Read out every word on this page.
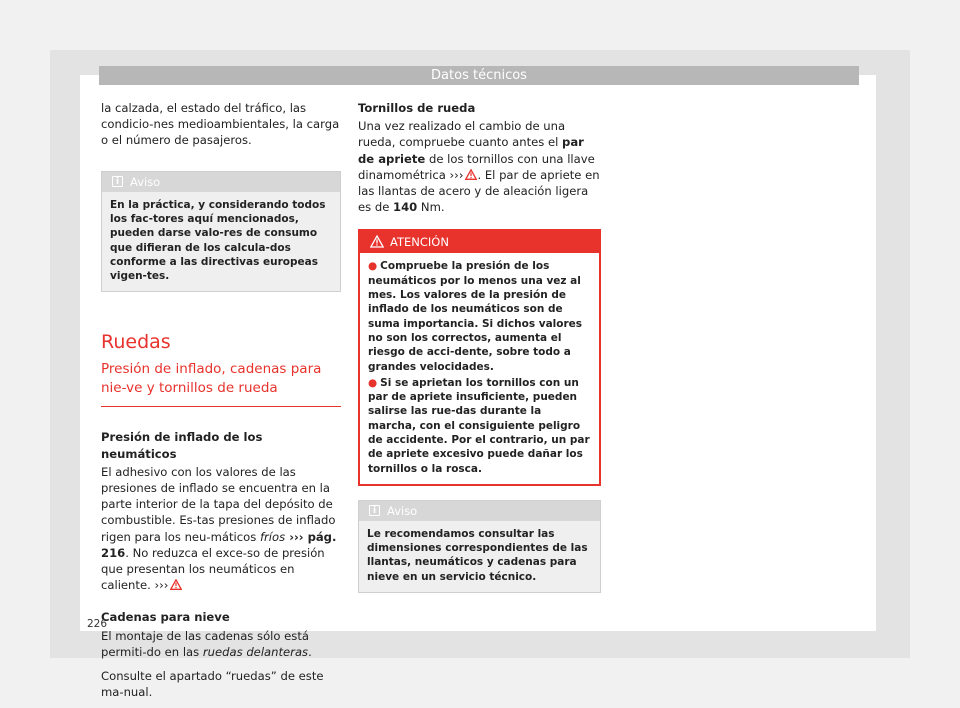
Datos técnicos

la calzada, el estado del tráfico, las condicio-nes medioambientales, la carga o el número de pasajeros.

i Aviso
En la práctica, y considerando todos los fac-tores aquí mencionados, pueden darse valo-res de consumo que difieran de los calcula-dos conforme a las directivas europeas vigen-tes.
Ruedas
Presión de inflado, cadenas para nie-ve y tornillos de rueda

Presión de inflado de los neumáticos

El adhesivo con los valores de las presiones de inflado se encuentra en la parte interior de la tapa del depósito de combustible. Es-tas presiones de inflado rigen para los neu-máticos fríos ››› pág. 216. No reduzca el exce-so de presión que presentan los neumáticos en caliente. ›››

Cadenas para nieve

El montaje de las cadenas sólo está permiti-do en las ruedas delanteras.

Consulte el apartado “ruedas” de este ma-nual.

Tornillos de rueda

Una vez realizado el cambio de una rueda, compruebe cuanto antes el par de apriete de los tornillos con una llave dinamométrica ››› . El par de apriete en las llantas de acero y de aleación ligera es de 140 Nm.

ATENCIÓN

● Compruebe la presión de los neumáticos por lo menos una vez al mes. Los valores de la presión de inflado de los neumáticos son de suma importancia. Si dichos valores no son los correctos, aumenta el riesgo de acci-dente, sobre todo a grandes velocidades.

● Si se aprietan los tornillos con un par de apriete insuficiente, pueden salirse las rue-das durante la marcha, con el consiguiente peligro de accidente. Por el contrario, un par de apriete excesivo puede dañar los tornillos o la rosca.

i Aviso
Le recomendamos consultar las dimensiones correspondientes de las llantas, neumáticos y cadenas para nieve en un servicio técnico.
226
